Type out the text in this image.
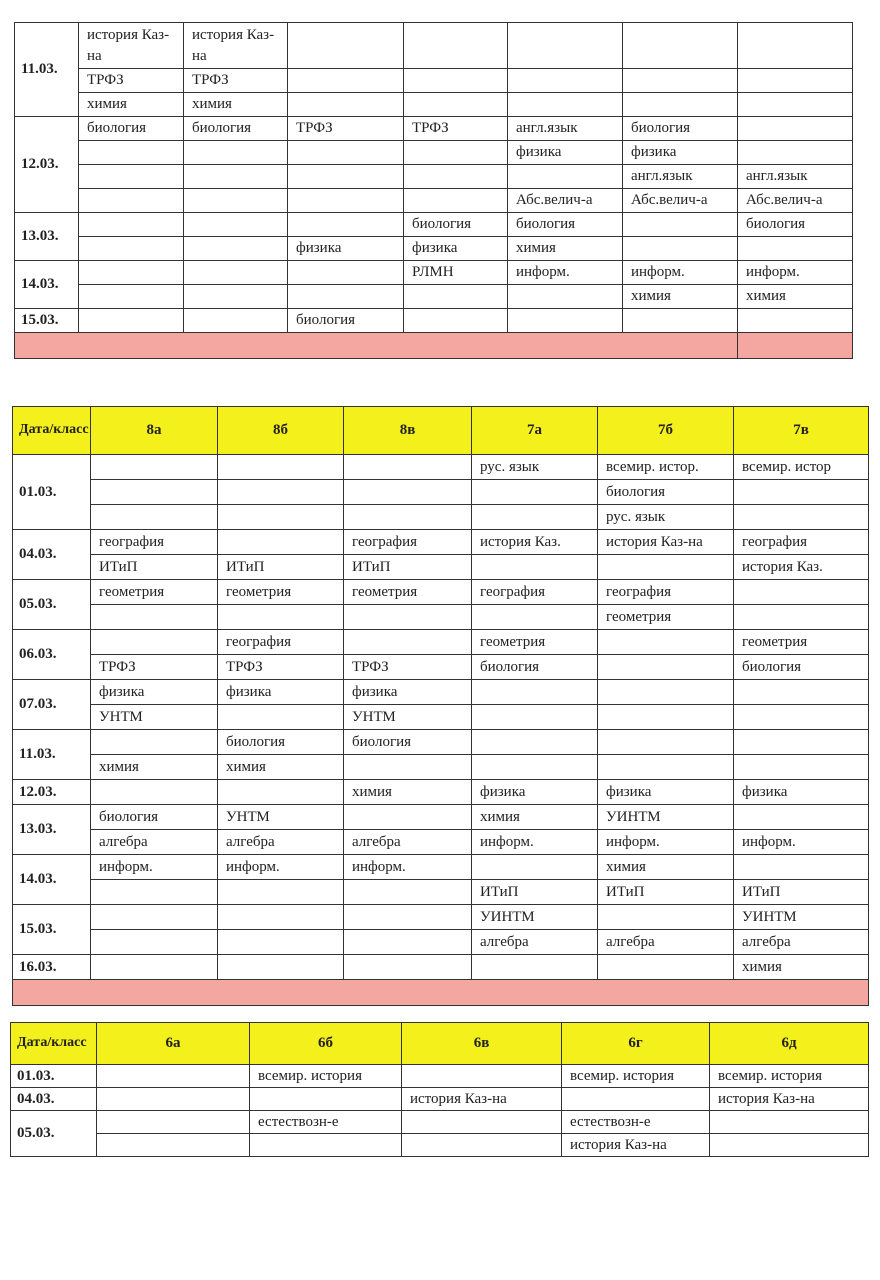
11.03.	история Каз-на	история Каз-на					
	ТРФЗ	ТРФЗ					
	химия	химия					
12.03.	биология	биология	ТРФЗ	ТРФЗ	англ.язык	биология	
					физика	физика	
						англ.язык	англ.язык
					Абс.велич-а	Абс.велич-а	Абс.велич-а
13.03.				биология	биология		биология
			физика	физика	химия		
14.03.				РЛМН	информ.	информ.	информ.
						химия	химия
15.03.			биология				

Дата/класс	8а	8б	8в	7а	7б	7в
01.03.				рус. язык	всемир. истор.	всемир. истор
					биология	
					рус. язык	
04.03.	география		география	история Каз.	история Каз-на	география
	ИТиП	ИТиП	ИТиП			история Каз.
05.03.	геометрия	геометрия	геометрия	география	география	
					геометрия	
06.03.		география		геометрия		геометрия
	ТРФЗ	ТРФЗ	ТРФЗ	биология		биология
07.03.	физика	физика	физика			
	УНТМ		УНТМ			
11.03.		биология	биология			
	химия	химия				
12.03.			химия	физика	физика	физика
13.03.	биология	УНТМ		химия	УИНТМ	
	алгебра	алгебра	алгебра	информ.	информ.	информ.
14.03.	информ.	информ.	информ.		химия	
				ИТиП	ИТиП	ИТиП
15.03.				УИНТМ		УИНТМ
				алгебра	алгебра	алгебра
16.03.						химия

Дата/класс	6а	6б	6в	6г	6д
01.03.		всемир. история		всемир. история	всемир. история
04.03.			история Каз-на		история Каз-на
05.03.		естествозн-е		естествозн-е	
				история Каз-на	
